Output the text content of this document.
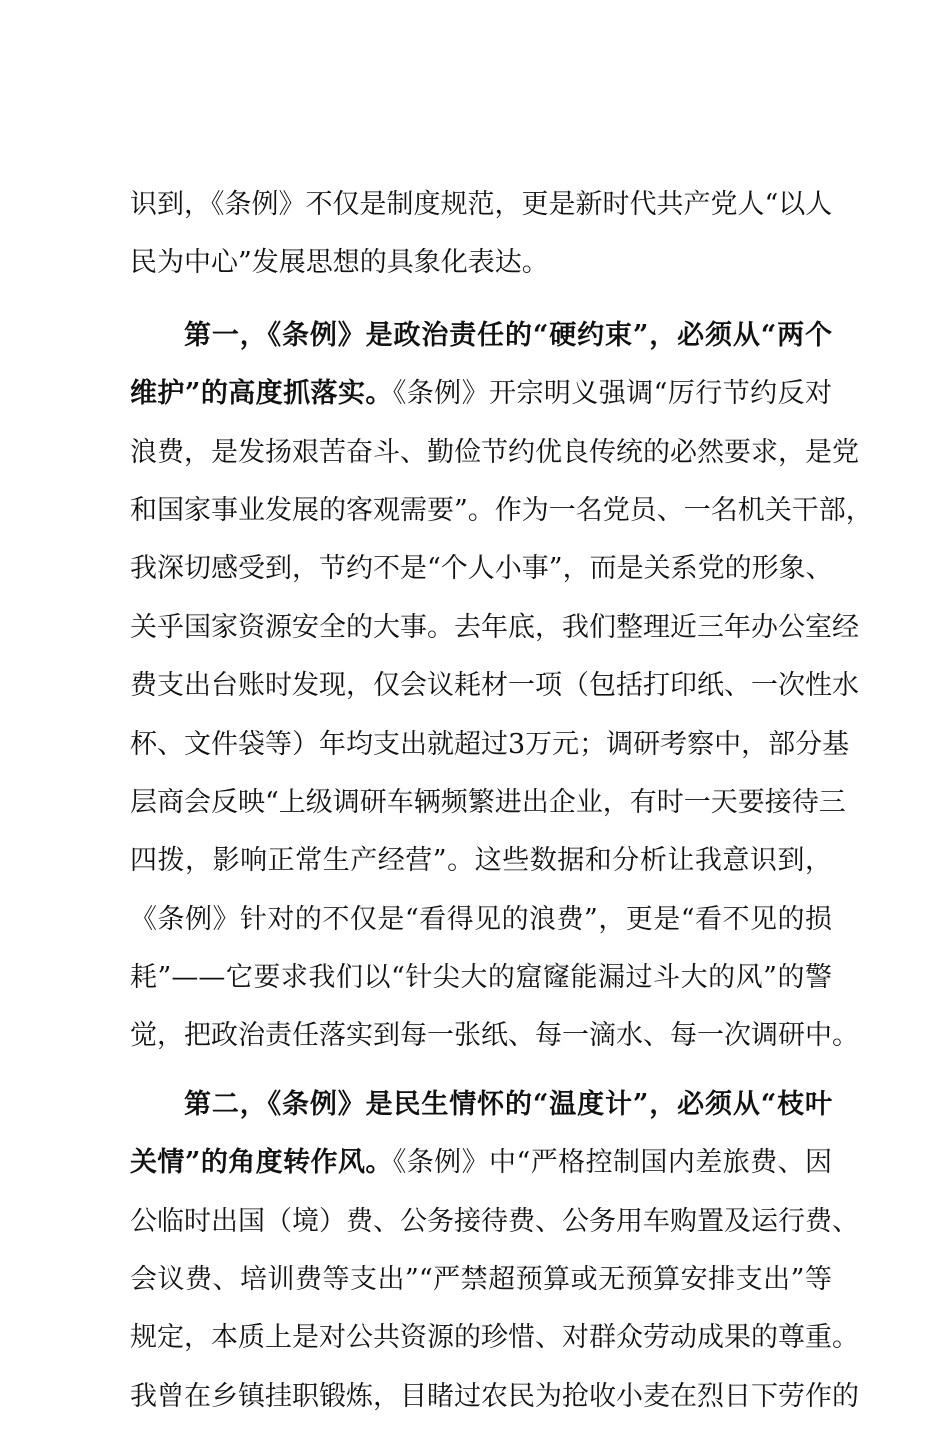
识到，《条例》不仅是制度规范，更是新时代共产党人“以人
民为中心”发展思想的具象化表达。
第一，《条例》是政治责任的“硬约束”，必须从“两个
维护”的高度抓落实。《条例》开宗明义强调“厉行节约反对
浪费，是发扬艰苦奋斗、勤俭节约优良传统的必然要求，是党
和国家事业发展的客观需要”。作为一名党员、一名机关干部，
我深切感受到，节约不是“个人小事”，而是关系党的形象、
关乎国家资源安全的大事。去年底，我们整理近三年办公室经
费支出台账时发现，仅会议耗材一项（包括打印纸、一次性水
杯、文件袋等）年均支出就超过3万元；调研考察中，部分基
层商会反映“上级调研车辆频繁进出企业，有时一天要接待三
四拨，影响正常生产经营”。这些数据和分析让我意识到，
《条例》针对的不仅是“看得见的浪费”，更是“看不见的损
耗”——它要求我们以“针尖大的窟窿能漏过斗大的风”的警
觉，把政治责任落实到每一张纸、每一滴水、每一次调研中。
第二，《条例》是民生情怀的“温度计”，必须从“枝叶
关情”的角度转作风。《条例》中“严格控制国内差旅费、因
公临时出国（境）费、公务接待费、公务用车购置及运行费、
会议费、培训费等支出”“严禁超预算或无预算安排支出”等
规定，本质上是对公共资源的珍惜、对群众劳动成果的尊重。
我曾在乡镇挂职锻炼，目睹过农民为抢收小麦在烈日下劳作的
